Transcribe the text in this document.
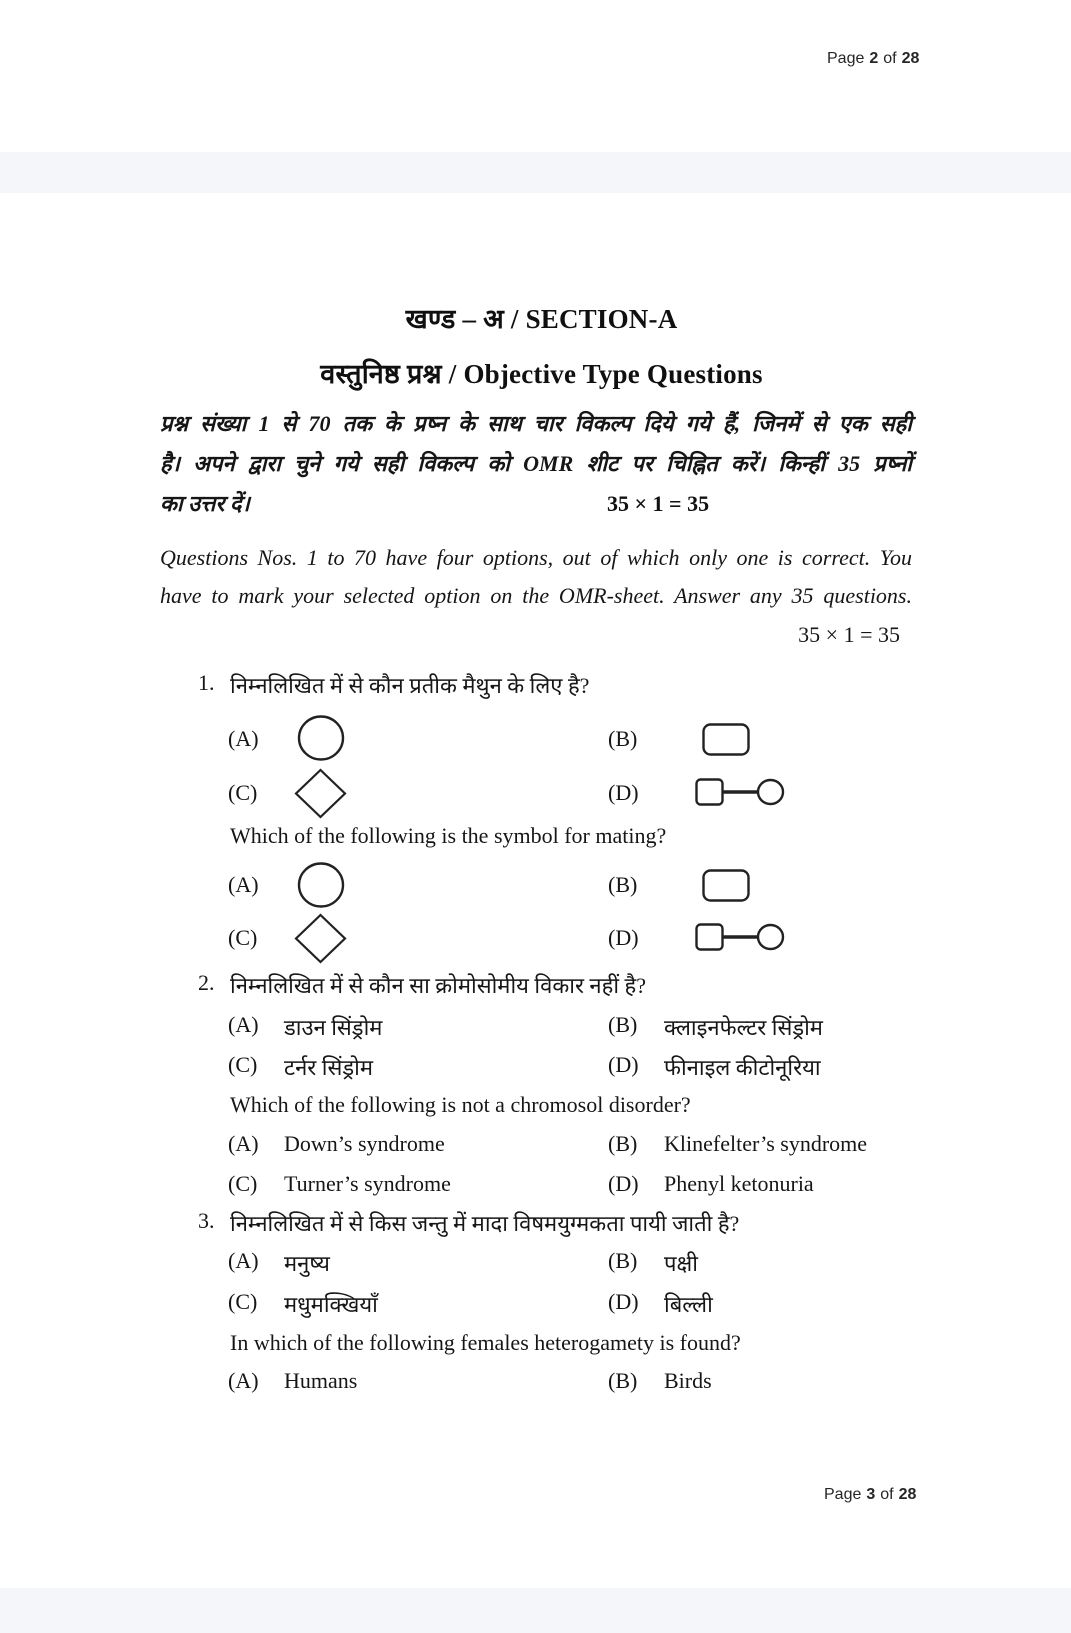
Page 2 of 28
खण्ड – अ / SECTION-A
वस्तुनिष्ठ प्रश्न / Objective Type Questions
प्रश्न संख्या 1 से 70 तक के प्रष्न के साथ चार विकल्प दिये गये हैं, जिनमें से एक सही
है। अपने द्वारा चुने गये सही विकल्प को OMR शीट पर चिह्नित करें। किन्हीं 35 प्रष्नों
का उत्तर दें।	35 × 1 = 35
Questions Nos. 1 to 70 have four options, out of which only one is correct. You
have to mark your selected option on the OMR-sheet. Answer any 35 questions.
35 × 1 = 35
1. निम्नलिखित में से कौन प्रतीक मैथुन के लिए है?
(A)	(B)
(C)	(D)
Which of the following is the symbol for mating?
(A)	(B)
(C)	(D)
2. निम्नलिखित में से कौन सा क्रोमोसोमीय विकार नहीं है?
(A) डाउन सिंड्रोम	(B) क्लाइनफेल्टर सिंड्रोम
(C) टर्नर सिंड्रोम	(D) फीनाइल कीटोनूरिया
Which of the following is not a chromosol disorder?
(A) Down’s syndrome	(B) Klinefelter’s syndrome
(C) Turner’s syndrome	(D) Phenyl ketonuria
3. निम्नलिखित में से किस जन्तु में मादा विषमयुग्मकता पायी जाती है?
(A) मनुष्य	(B) पक्षी
(C) मधुमक्खियाँ	(D) बिल्ली
In which of the following females heterogamety is found?
(A) Humans	(B) Birds
Page 3 of 28
